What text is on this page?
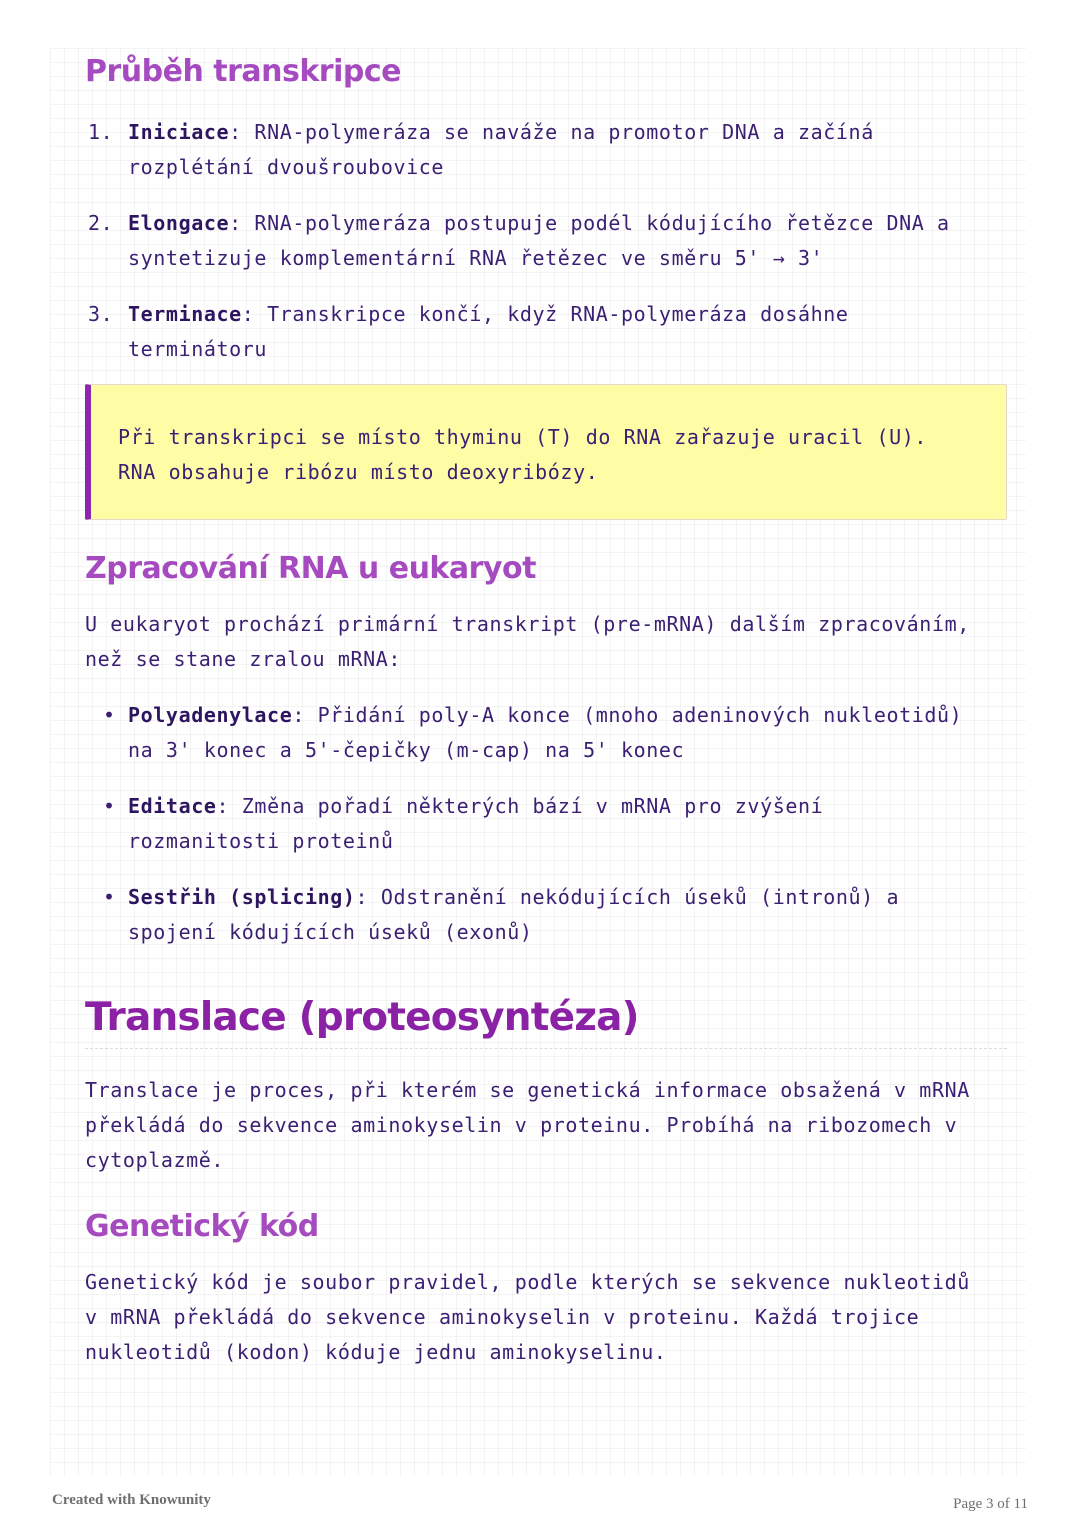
Průběh transkripce
1. Iniciace: RNA-polymeráza se naváže na promotor DNA a začíná
rozplétání dvoušroubovice
2. Elongace: RNA-polymeráza postupuje podél kódujícího řetězce DNA a
syntetizuje komplementární RNA řetězec ve směru 5' → 3'
3. Terminace: Transkripce končí, když RNA-polymeráza dosáhne
terminátoru
Při transkripci se místo thyminu (T) do RNA zařazuje uracil (U).
RNA obsahuje ribózu místo deoxyribózy.
Zpracování RNA u eukaryot
U eukaryot prochází primární transkript (pre-mRNA) dalším zpracováním,
než se stane zralou mRNA:
• Polyadenylace: Přidání poly-A konce (mnoho adeninových nukleotidů)
na 3' konec a 5'-čepičky (m-cap) na 5' konec
• Editace: Změna pořadí některých bází v mRNA pro zvýšení
rozmanitosti proteinů
• Sestřih (splicing): Odstranění nekódujících úseků (intronů) a
spojení kódujících úseků (exonů)
Translace (proteosyntéza)
Translace je proces, při kterém se genetická informace obsažená v mRNA
překládá do sekvence aminokyselin v proteinu. Probíhá na ribozomech v
cytoplazmě.
Genetický kód
Genetický kód je soubor pravidel, podle kterých se sekvence nukleotidů
v mRNA překládá do sekvence aminokyselin v proteinu. Každá trojice
nukleotidů (kodon) kóduje jednu aminokyselinu.
Created with Knowunity	Page 3 of 11
